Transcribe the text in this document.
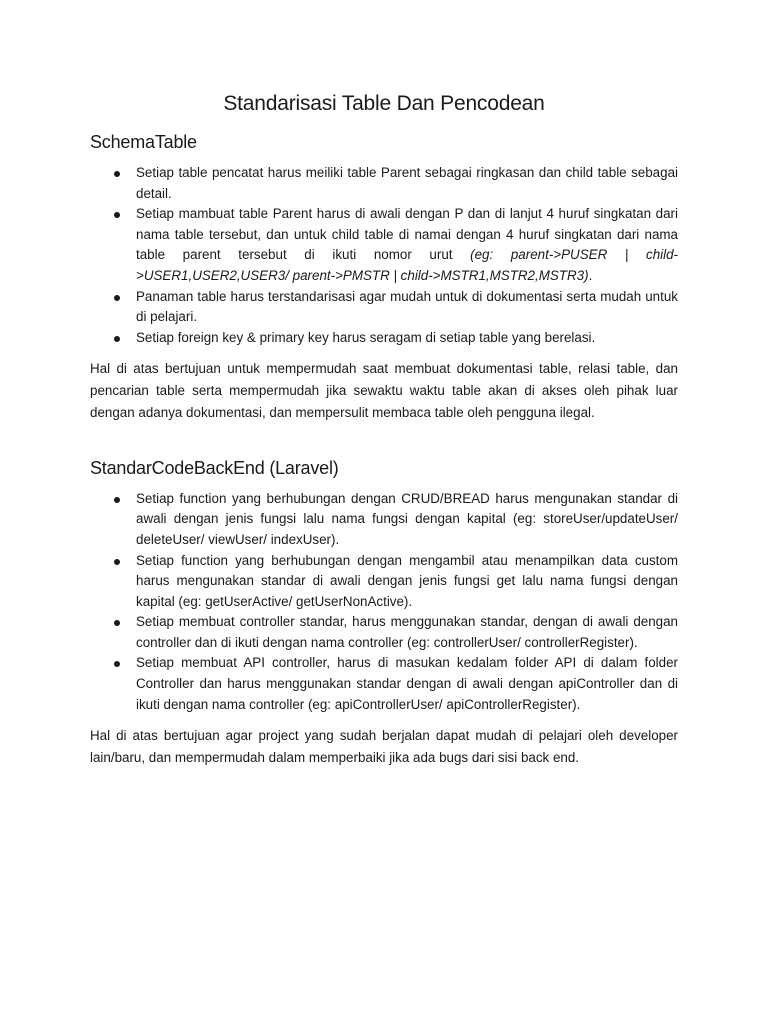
Standarisasi Table Dan Pencodean
SchemaTable
Setiap table pencatat harus meiliki table Parent sebagai ringkasan dan child table sebagai detail.
Setiap mambuat table Parent harus di awali dengan P dan di lanjut 4 huruf singkatan dari nama table tersebut, dan untuk child table di namai dengan 4 huruf singkatan dari nama table parent tersebut di ikuti nomor urut (eg: parent->PUSER | child->USER1,USER2,USER3/ parent->PMSTR | child->MSTR1,MSTR2,MSTR3).
Panaman table harus terstandarisasi agar mudah untuk di dokumentasi serta mudah untuk di pelajari.
Setiap foreign key & primary key harus seragam di setiap table yang berelasi.

Hal di atas bertujuan untuk mempermudah saat membuat dokumentasi table, relasi table, dan pencarian table serta mempermudah jika sewaktu waktu table akan di akses oleh pihak luar dengan adanya dokumentasi, dan mempersulit membaca table oleh pengguna ilegal.

StandarCodeBackEnd (Laravel)
Setiap function yang berhubungan dengan CRUD/BREAD harus mengunakan standar di awali dengan jenis fungsi lalu nama fungsi dengan kapital (eg: storeUser/updateUser/ deleteUser/ viewUser/ indexUser).
Setiap function yang berhubungan dengan mengambil atau menampilkan data custom harus mengunakan standar di awali dengan jenis fungsi get lalu nama fungsi dengan kapital (eg: getUserActive/ getUserNonActive).
Setiap membuat controller standar, harus menggunakan standar, dengan di awali dengan controller dan di ikuti dengan nama controller (eg: controllerUser/ controllerRegister).
Setiap membuat API controller, harus di masukan kedalam folder API di dalam folder Controller dan harus menggunakan standar dengan di awali dengan apiController dan di ikuti dengan nama controller (eg: apiControllerUser/ apiControllerRegister).

Hal di atas bertujuan agar project yang sudah berjalan dapat mudah di pelajari oleh developer lain/baru, dan mempermudah dalam memperbaiki jika ada bugs dari sisi back end.
